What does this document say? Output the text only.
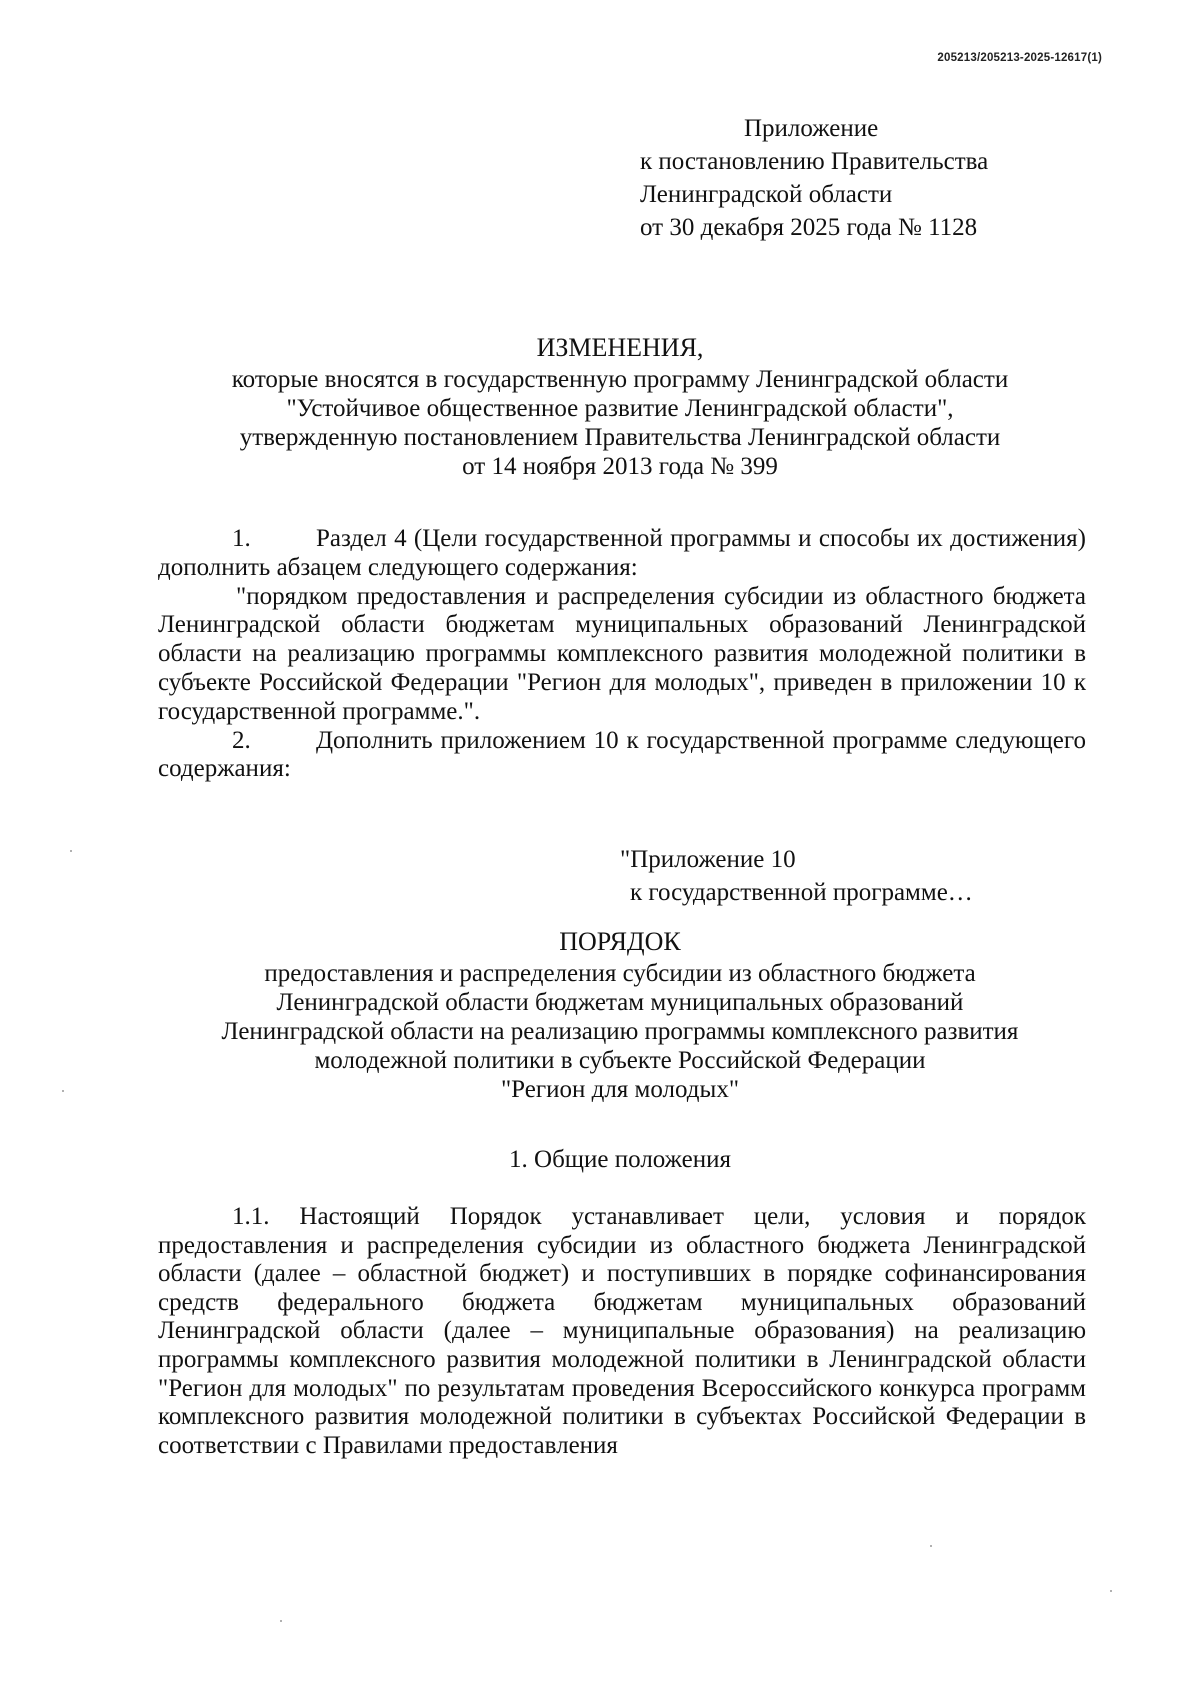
205213/205213-2025-12617(1)
Приложение
к постановлению Правительства
Ленинградской области
от 30 декабря 2025 года № 1128
ИЗМЕНЕНИЯ,
которые вносятся в государственную программу Ленинградской области
"Устойчивое общественное развитие Ленинградской области",
утвержденную постановлением Правительства Ленинградской области
от 14 ноября 2013 года № 399

1.	Раздел 4 (Цели государственной программы и способы их достижения) дополнить абзацем следующего содержания:

"порядком предоставления и распределения субсидии из областного бюджета Ленинградской области бюджетам муниципальных образований Ленинградской области на реализацию программы комплексного развития молодежной политики в субъекте Российской Федерации "Регион для молодых", приведен в приложении 10 к государственной программе.".

2.	Дополнить приложением 10 к государственной программе следующего содержания:

"Приложение 10
к государственной программе…
ПОРЯДОК
предоставления и распределения субсидии из областного бюджета
Ленинградской области бюджетам муниципальных образований
Ленинградской области на реализацию программы комплексного развития
молодежной политики в субъекте Российской Федерации
"Регион для молодых"
1. Общие положения

1.1. Настоящий Порядок устанавливает цели, условия и порядок предоставления и распределения субсидии из областного бюджета Ленинградской области (далее – областной бюджет) и поступивших в порядке софинансирования средств федерального бюджета бюджетам муниципальных образований Ленинградской области (далее – муниципальные образования) на реализацию программы комплексного развития молодежной политики в Ленинградской области "Регион для молодых" по результатам проведения Всероссийского конкурса программ комплексного развития молодежной политики в субъектах Российской Федерации в соответствии с Правилами предоставления
